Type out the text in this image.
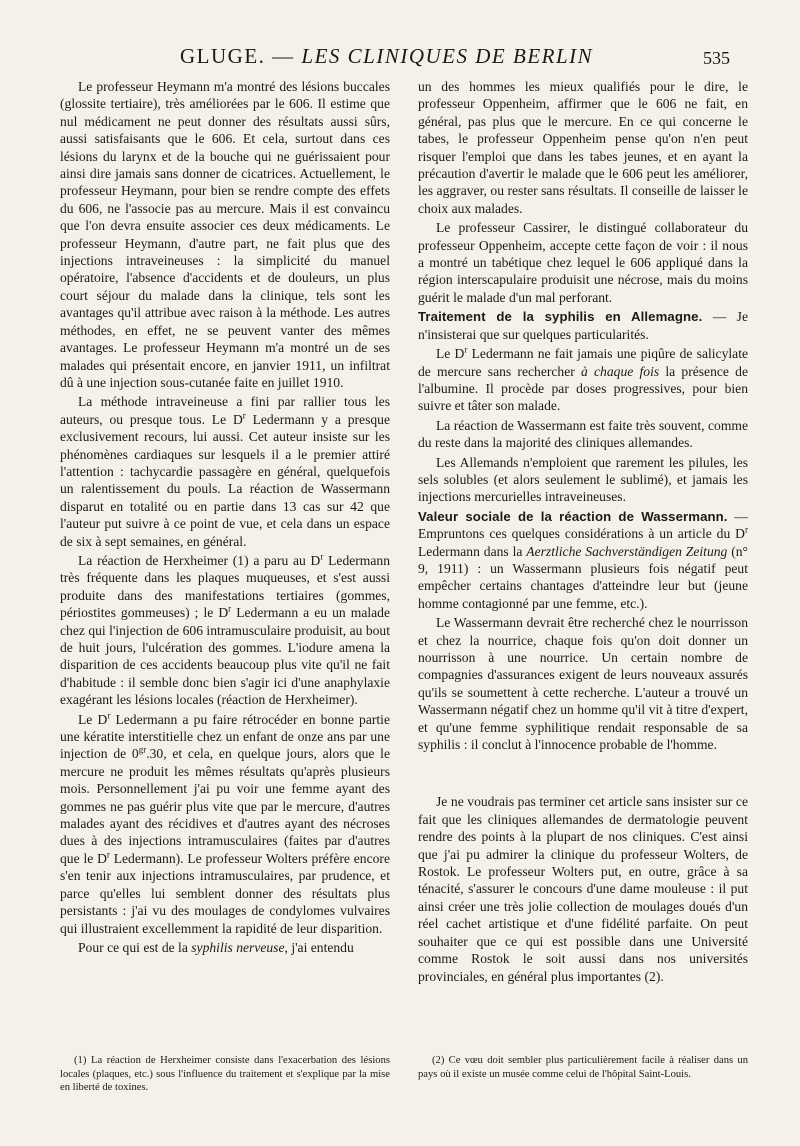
GLUGE. — LES CLINIQUES DE BERLIN	535

Le professeur Heymann m'a montré des lésions buccales (glossite tertiaire), très améliorées par le 606. Il estime que nul médicament ne peut donner des résultats aussi sûrs, aussi satisfaisants que le 606. Et cela, surtout dans ces lésions du larynx et de la bouche qui ne guérissaient pour ainsi dire jamais sans donner de cicatrices. Actuellement, le professeur Heymann, pour bien se rendre compte des effets du 606, ne l'associe pas au mercure. Mais il est convaincu que l'on devra ensuite associer ces deux médicaments. Le professeur Heymann, d'autre part, ne fait plus que des injections intraveineuses : la simplicité du manuel opératoire, l'absence d'accidents et de douleurs, un plus court séjour du malade dans la clinique, tels sont les avantages qu'il attribue avec raison à la méthode. Les autres méthodes, en effet, ne se peuvent vanter des mêmes avantages. Le professeur Heymann m'a montré un de ses malades qui présentait encore, en janvier 1911, un infiltrat dû à une injection sous-cutanée faite en juillet 1910.

La méthode intraveineuse a fini par rallier tous les auteurs, ou presque tous. Le $D^r$ Ledermann y a presque exclusivement recours, lui aussi. Cet auteur insiste sur les phénomènes cardiaques sur lesquels il a le premier attiré l'attention : tachycardie passagère en général, quelquefois un ralentissement du pouls. La réaction de Wassermann disparut en totalité ou en partie dans 13 cas sur 42 que l'auteur put suivre à ce point de vue, et cela dans un espace de six à sept semaines, en général.

La réaction de Herxheimer (1) a paru au $D^r$ Ledermann très fréquente dans les plaques muqueuses, et s'est aussi produite dans des manifestations tertiaires (gommes, périostites gommeuses) ; le $D^r$ Ledermann a eu un malade chez qui l'injection de 606 intramusculaire produisit, au bout de huit jours, l'ulcération des gommes. L'iodure amena la disparition de ces accidents beaucoup plus vite qu'il ne fait d'habitude : il semble donc bien s'agir ici d'une anaphylaxie exagérant les lésions locales (réaction de Herxheimer).

Le $D^r$ Ledermann a pu faire rétrocéder en bonne partie une kératite interstitielle chez un enfant de onze ans par une injection de $0^{gr}.30$, et cela, en quelque jours, alors que le mercure ne produit les mêmes résultats qu'après plusieurs mois. Personnellement j'ai pu voir une femme ayant des gommes ne pas guérir plus vite que par le mercure, d'autres malades ayant des récidives et d'autres ayant des nécroses dues à des injections intramusculaires (faites par d'autres que le $D^r$ Ledermann). Le professeur Wolters préfère encore s'en tenir aux injections intramusculaires, par prudence, et parce qu'elles lui semblent donner des résultats plus persistants : j'ai vu des moulages de condylomes vulvaires qui illustraient excellemment la rapidité de leur disparition.

Pour ce qui est de la syphilis nerveuse, j'ai entendu

un des hommes les mieux qualifiés pour le dire, le professeur Oppenheim, affirmer que le 606 ne fait, en général, pas plus que le mercure. En ce qui concerne le tabes, le professeur Oppenheim pense qu'on n'en peut risquer l'emploi que dans les tabes jeunes, et en ayant la précaution d'avertir le malade que le 606 peut les améliorer, les aggraver, ou rester sans résultats. Il conseille de laisser le choix aux malades.

Le professeur Cassirer, le distingué collaborateur du professeur Oppenheim, accepte cette façon de voir : il nous a montré un tabétique chez lequel le 606 appliqué dans la région interscapulaire produisit une nécrose, mais du moins guérit le malade d'un mal perforant.

Traitement de la syphilis en Allemagne. — Je n'insisterai que sur quelques particularités.

Le $D^r$ Ledermann ne fait jamais une piqûre de salicylate de mercure sans rechercher à chaque fois la présence de l'albumine. Il procède par doses progressives, pour bien suivre et tâter son malade.

La réaction de Wassermann est faite très souvent, comme du reste dans la majorité des cliniques allemandes.

Les Allemands n'emploient que rarement les pilules, les sels solubles (et alors seulement le sublimé), et jamais les injections mercurielles intraveineuses.

Valeur sociale de la réaction de Wassermann. — Empruntons ces quelques considérations à un article du $D^r$ Ledermann dans la Aerztliche Sachverständigen Zeitung (n° 9, 1911) : un Wassermann plusieurs fois négatif peut empêcher certains chantages d'atteindre leur but (jeune homme contagionné par une femme, etc.).

Le Wassermann devrait être recherché chez le nourrisson et chez la nourrice, chaque fois qu'on doit donner un nourrisson à une nourrice. Un certain nombre de compagnies d'assurances exigent de leurs nouveaux assurés qu'ils se soumettent à cette recherche. L'auteur a trouvé un Wassermann négatif chez un homme qu'il vit à titre d'expert, et qu'une femme syphilitique rendait responsable de sa syphilis : il conclut à l'innocence probable de l'homme.

Je ne voudrais pas terminer cet article sans insister sur ce fait que les cliniques allemandes de dermatologie peuvent rendre des points à la plupart de nos cliniques. C'est ainsi que j'ai pu admirer la clinique du professeur Wolters, de Rostok. Le professeur Wolters put, en outre, grâce à sa ténacité, s'assurer le concours d'une dame mouleuse : il put ainsi créer une très jolie collection de moulages doués d'un réel cachet artistique et d'une fidélité parfaite. On peut souhaiter que ce qui est possible dans une Université comme Rostok le soit aussi dans nos universités provinciales, en général plus importantes (2).

(1) La réaction de Herxheimer consiste dans l'exacerbation des lésions locales (plaques, etc.) sous l'influence du traitement et s'explique par la mise en liberté de toxines.
(2) Ce vœu doit sembler plus particulièrement facile à réaliser dans un pays où il existe un musée comme celui de l'hôpital Saint-Louis.
